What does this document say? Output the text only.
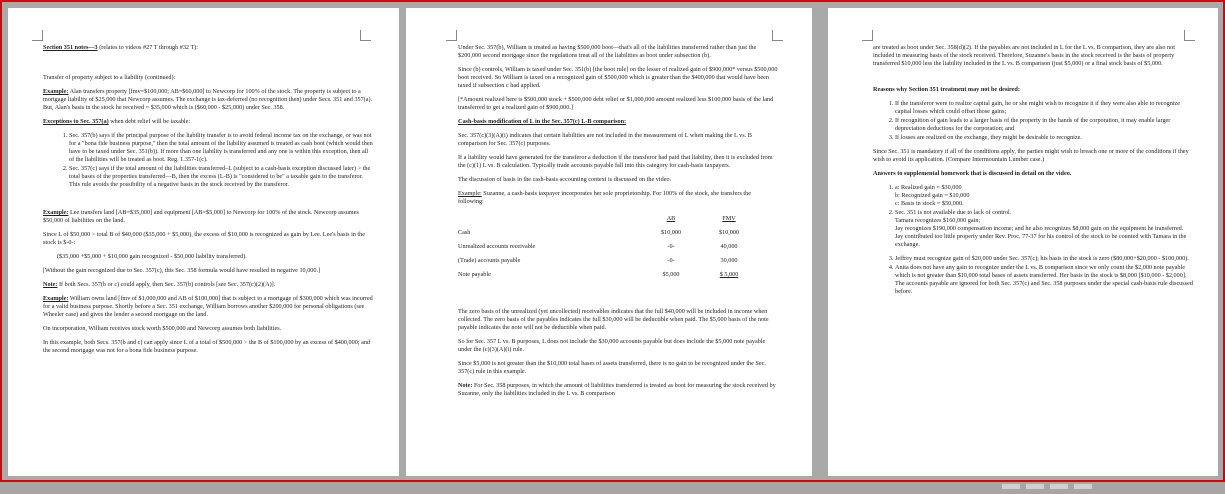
Section 351 notes—3 (relates to videos #27 T through #32 T):

Transfer of property subject to a liability (continued):

Example: Alan transfers property [fmv=$100,000; AB=$60,000] to Newcorp for 100% of the stock. The property is subject to a mortgage liability of $25,000 that Newcorp assumes. The exchange is tax-deferred (no recognition then) under Secs. 351 and 357(a). But, Alan's basis in the stock he received = $35,000 which is ($60,000 - $25,000) under Sec. 358.

Exceptions to Sec. 357(a) when debt relief will be taxable:

1. Sec. 357(b) says if the principal purpose of the liability transfer is to avoid federal income tax on the exchange, or was not for a "bona fide business purpose," then the total amount of the liability assumed is treated as cash boot (which would then have to be taxed under Sec. 351(b)). If more than one liability is transferred and any one is within this exception, then all of the liabilities will be treated as boot. Reg. 1.357-1(c).
2. Sec. 357(c) says if the total amount of the liabilities transferred–L (subject to a cash-basis exception discussed later) > the total bases of the properties transferred—B, then the excess (L-B) is "considered to be" a taxable gain to the transferor. This rule avoids the possibility of a negative basis in the stock received by the transferor.

Example: Lee transfers land [AB=$35,000] and equipment [AB=$5,000] to Newcorp for 100% of the stock. Newcorp assumes $50,000 of liabilities on the land.

Since L of $50,000 > total B of $40,000 ($35,000 + $5,000), the excess of $10,000 is recognized as gain by Lee. Lee's basis in the stock is $-0-:

($35,000 +$5,000 + $10,000 gain recognized - $50,000 liability transferred).

[Without the gain recognized due to Sec. 357(c), this Sec. 358 formula would have resulted in negative 10,000.]

Note: If both Secs. 357(b or c) could apply, then Sec. 357(b) controls [see Sec. 357(c)(2)(A)].

Example: William owns land [fmv of $1,000,000 and AB of $100,000] that is subject to a mortgage of $300,000 which was incurred for a valid business purpose. Shortly before a Sec. 351 exchange, William borrows another $200,000 for personal obligations (see Wheeler case) and gives the lender a second mortgage on the land.

On incorporation, William receives stock worth $500,000 and Newcorp assumes both liabilities.

In this example, both Secs. 357(b and c) can apply since L of a total of $500,000 > the B of $100,000 by an excess of $400,000; and the second mortgage was not for a bona fide business purpose.

Under Sec. 357(b), William is treated as having $500,000 boot—that's all of the liabilities transferred rather than just the $200,000 second mortgage since the regulations treat all of the liabilities as boot under subsection (b).

Since (b) controls, William is taxed under Sec. 351(b) [the boot rule] on the lesser of realized gain of $900,000* versus $500,000 boot received. So William is taxed on a recognized gain of $500,000 which is greater than the $400,000 that would have been taxed if subsection c had applied.

[*Amount realized here is $500,000 stock + $500,000 debt relief or $1,000,000 amount realized less $100,000 basis of the land transferred to get a realized gain of $900,000.]

Cash-basis modification of L in the Sec. 357(c) L-B comparison:

Sec. 357(c)(3)(A)(i) indicates that certain liabilities are not included in the measurement of L when making the L vs. B comparison for Sec. 357(c) purposes.

If a liability would have generated for the transferor a deduction if the transferor had paid that liability, then it is excluded from the (c)(1) L vs. B calculation. Typically trade accounts payable fall into this category for cash-basis taxpayers.

The discussion of basis in the cash-basis accounting context is discussed on the video.

Example: Suzanne, a cash-basis taxpayer incorporates her sole proprietorship. For 100% of the stock, she transfers the following:

	AB	FMV
Cash	$10,000	$10,000
Unrealized accounts receivable	-0-	40,000
(Trade) accounts payable	-0-	30,000
Note payable	$5,000	$ 5,000

The zero basis of the unrealized (yet uncollected) receivables indicates that the full $40,000 will be included in income when collected. The zero basis of the payables indicates the full $30,000 will be deductible when paid. The $5,000 basis of the note payable indicates the note will not be deductible when paid.

So for Sec. 357 L vs. B purposes, L does not include the $30,000 accounts payable but does include the $5,000 note payable under the (c)(3)(A)(i) rule.

Since $5,000 is not greater than the $10,000 total bases of assets transferred, there is no gain to be recognized under the Sec. 357(c) rule in this example.

Note: For Sec. 358 purposes, in which the amount of liabilities transferred is treated as boot for measuring the stock received by Suzanne, only the liabilities included in the L vs. B comparison

are treated as boot under Sec. 358(d)(2). If the payables are not included in L for the L vs. B comparison, they are also not included in measuring basis of the stock received. Therefore, Suzanne's basis in the stock received is the basis of property transferred $10,000 less the liability included in the L vs. B comparison (just $5,000) or a final stock basis of $5,000.

Reasons why Section 351 treatment may not be desired:

1. If the transferor were to realize capital gain, he or she might wish to recognize it if they were also able to recognize capital losses which could offset those gains;
2. If recognition of gain leads to a larger basis of the property in the hands of the corporation, it may enable larger depreciation deductions for the corporation; and
3. If losses are realized on the exchange, they might be desirable to recognize.

Since Sec. 351 is mandatory if all of the conditions apply, the parties might wish to breach one or more of the conditions if they wish to avoid its application. (Compare Intermountain Lumber case.)

Answers to supplemental homework that is discussed in detail on the video.

1. a: Realized gain = $30,000
b: Recognized gain = $10,000
c: Basis in stock = $50,000.
2. Sec. 351 is not available due to lack of control.
Tamara recognizes $160,000 gain;
Jay recognizes $190,000 compensation income; and he also recognizes $8,000 gain on the equipment he transferred.
Jay contributed too little property under Rev. Proc. 77-37 for his control of the stock to be counted with Tamara in the exchange.
3. Jeffrey must recognize gain of $20,000 under Sec. 357(c); his basis in the stock is zero ($80,000+$20,000 - $100,000).
4. Anita does not have any gain to recognize under the L vs. B comparison since we only count the $2,000 note payable which is not greater than $10,000 total bases of assets transferred. Her basis in the stock is $8,000 [$10,000 - $2,000]. The accounts payable are ignored for both Sec. 357(c) and Sec. 358 purposes under the special cash-basis rule discussed before.
